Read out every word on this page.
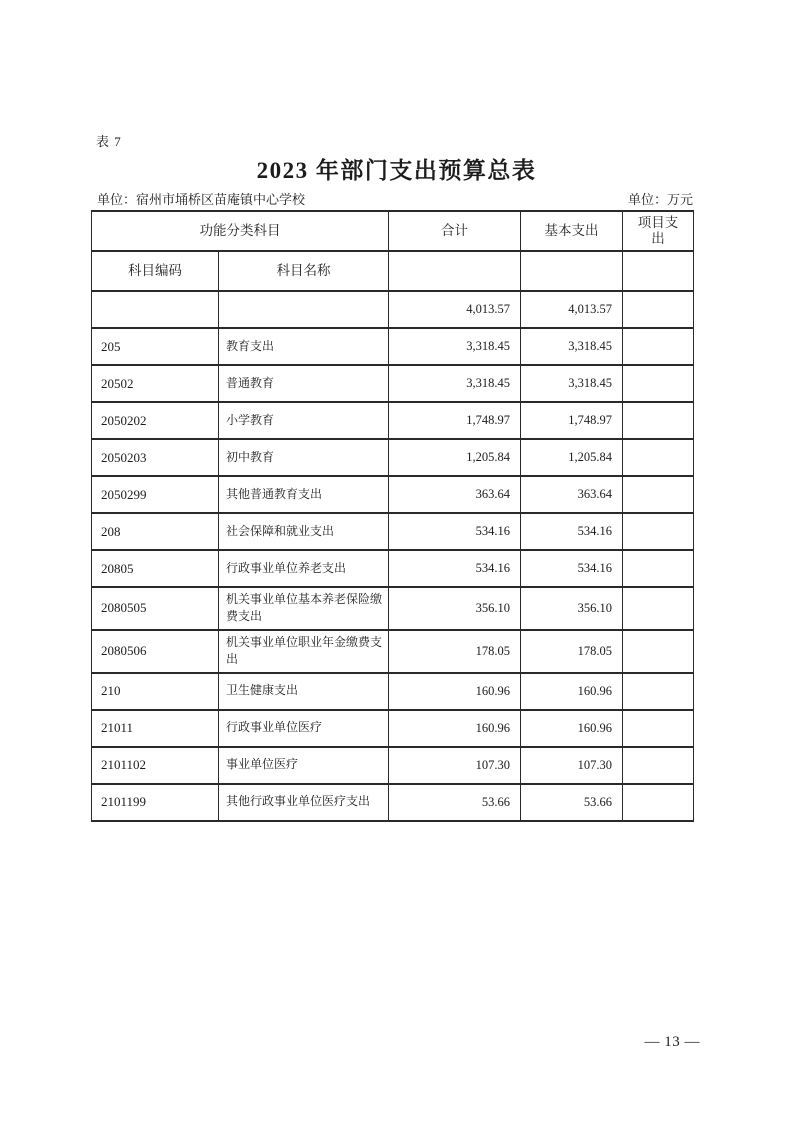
表 7
2023 年部门支出预算总表
单位：宿州市埇桥区苗庵镇中心学校	单位：万元
功能分类科目		合计	基本支出	项目支出
科目编码	科目名称			
		4,013.57	4,013.57	
205	教育支出	3,318.45	3,318.45	
20502	普通教育	3,318.45	3,318.45	
2050202	小学教育	1,748.97	1,748.97	
2050203	初中教育	1,205.84	1,205.84	
2050299	其他普通教育支出	363.64	363.64	
208	社会保障和就业支出	534.16	534.16	
20805	行政事业单位养老支出	534.16	534.16	
2080505	机关事业单位基本养老保险缴费支出	356.10	356.10	
2080506	机关事业单位职业年金缴费支出	178.05	178.05	
210	卫生健康支出	160.96	160.96	
21011	行政事业单位医疗	160.96	160.96	
2101102	事业单位医疗	107.30	107.30	
2101199	其他行政事业单位医疗支出	53.66	53.66	
— 13 —
